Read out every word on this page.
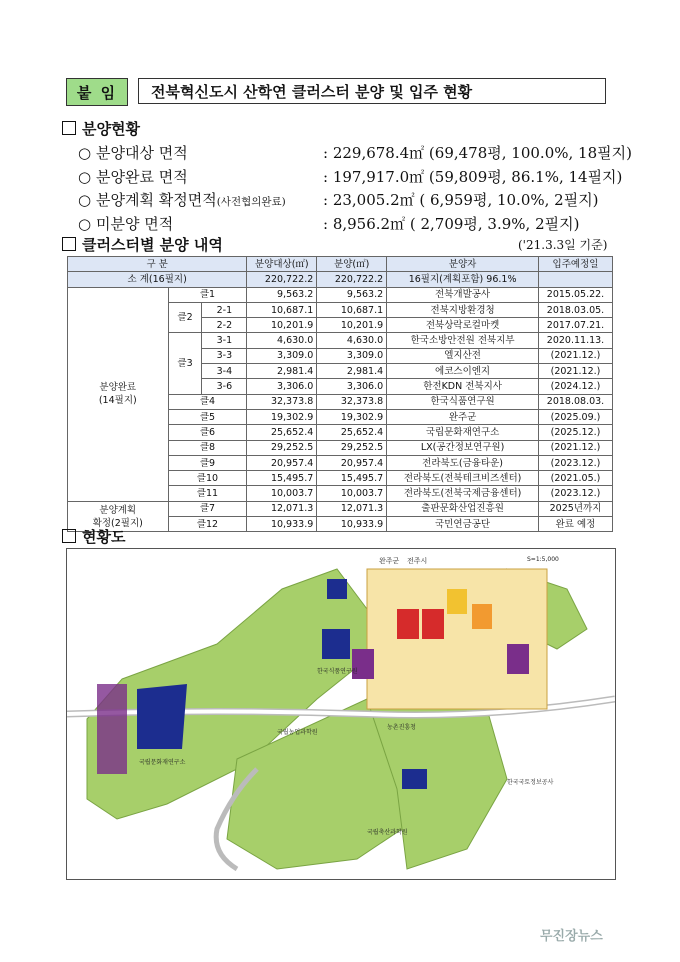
붙 임	전북혁신도시 산학연 클러스터 분양 및 입주 현황
분양현황
○ 분양대상 면적	: 229,678.4㎡ (69,478평, 100.0%, 18필지)
○ 분양완료 면적	: 197,917.0㎡ (59,809평, 86.1%, 14필지)
○ 분양계획 확정면적(사전협의완료)	: 23,005.2㎡ ( 6,959평, 10.0%, 2필지)
○ 미분양 면적	: 8,956.2㎡ ( 2,709평, 3.9%, 2필지)
클러스터별 분양 내역	('21.3.3일 기준)
구 분			분양대상(㎡)	분양(㎡)	분양자	입주예정일
소 계(16필지)			220,722.2	220,722.2	16필지(계획포함) 96.1%	
분양완료
(14필지)	클1		9,563.2	9,563.2	전북개발공사	2015.05.22.
	클2	2-1	10,687.1	10,687.1	전북지방환경청	2018.03.05.
		2-2	10,201.9	10,201.9	전북상락로컬마켓	2017.07.21.
	클3	3-1	4,630.0	4,630.0	한국소방안전원 전북지부	2020.11.13.
		3-3	3,309.0	3,309.0	엘지산전	(2021.12.)
		3-4	2,981.4	2,981.4	에코스이엔지	(2021.12.)
		3-6	3,306.0	3,306.0	한전KDN 전북지사	(2024.12.)
	클4		32,373.8	32,373.8	한국식품연구원	2018.08.03.
	클5		19,302.9	19,302.9	완주군	(2025.09.)
	클6		25,652.4	25,652.4	국립문화재연구소	(2025.12.)
	클8		29,252.5	29,252.5	LX(공간정보연구원)	(2021.12.)
	클9		20,957.4	20,957.4	전라북도(금융타운)	(2023.12.)
	클10		15,495.7	15,495.7	전라북도(전북테크비즈센터)	(2021.05.)
	클11		10,003.7	10,003.7	전라북도(전북국제금융센터)	(2023.12.)
분양계획
확정(2필지)	클7		12,071.3	12,071.3	출판문화산업진흥원	2025년까지
	클12		10,933.9	10,933.9	국민연금공단	완료 예정
현황도
완주군 전주시	S=1:5,000
국립문화재연구소
한국식품연구원
국립농업과학원
농촌진흥청
국립축산과학원
한국국토정보공사
무진장뉴스
